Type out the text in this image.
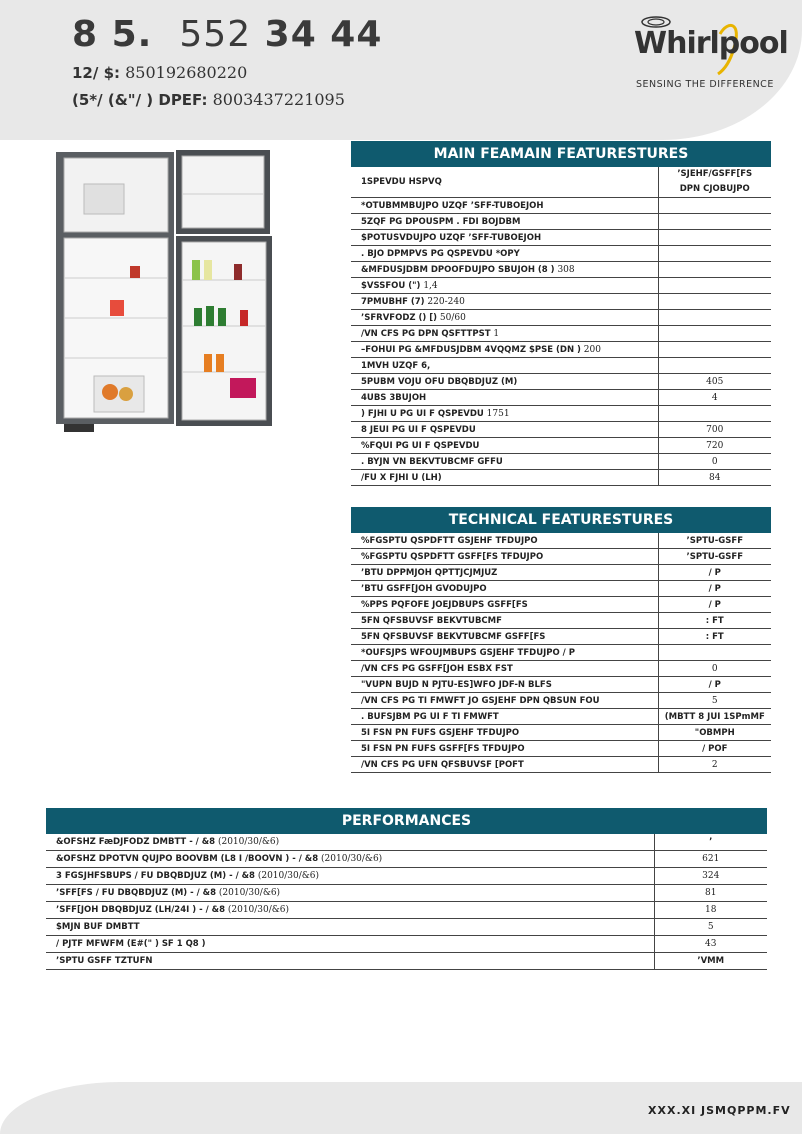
8 5. 552 34 44
12/ $: 850192680220
(5*/ (&"/ ) DPEF: 8003437221095
Whirlpool
SENSING THE DIFFERENCE
MAIN FEAMAIN FEATURESTURES
1SPEVDU HSPVQ	’SJEHF/GSFF[FS
DPN CJOBUJPO

*OTUBMMBUJPO UZQF ’SFF-TUBOEJOH	
5ZQF PG DPOUSPM . FDI BOJDBM	
$POTUSVDUJPO UZQF ’SFF-TUBOEJOH	
. BJO DPMPVS PG QSPEVDU *OPY	
&MFDUSJDBM DPOOFDUJPO SBUJOH (8 ) 308	
$VSSFOU (") 1,4	
7PMUBHF (7) 220-240	
’SFRVFODZ () [) 50/60	
/VN CFS PG DPN QSFTTPST 1	
–FOHUI PG &MFDUSJDBM 4VQQMZ $PSE (DN ) 200	
1MVH UZQF 6,	
5PUBM VOJU OFU DBQBDJUZ (M)	405
4UBS 3BUJOH	4
) FJHI U PG UI F QSPEVDU 1751	
8 JEUI PG UI F QSPEVDU	700
%FQUI PG UI F QSPEVDU	720
. BYJN VN BEKVTUBCMF GFFU	0
/FU X FJHI U (LH)	84
TECHNICAL FEATURESTURES
%FGSPTU QSPDFTT GSJEHF TFDUJPO	’SPTU-GSFF
%FGSPTU QSPDFTT GSFF[FS TFDUJPO	’SPTU-GSFF
’BTU DPPMJOH QPTTJCJMJUZ	/ P
’BTU GSFF[JOH GVODUJPO	/ P
%PPS PQFOFE JOEJDBUPS GSFF[FS	/ P
5FN QFSBUVSF BEKVTUBCMF	: FT
5FN QFSBUVSF BEKVTUBCMF GSFF[FS	: FT
*OUFSJPS WFOUJMBUPS GSJEHF TFDUJPO / P	
/VN CFS PG GSFF[JOH ESBX FST	0
"VUPN BUJD N PJTU-ES]WFO JDF-N BLFS	/ P
/VN CFS PG TI FMWFT JO GSJEHF DPN QBSUN FOU	5
. BUFSJBM PG UI F TI FMWFT	(MBTT 8 JUI 1SPmMF
5I FSN PN FUFS GSJEHF TFDUJPO	"OBMPH
5I FSN PN FUFS GSFF[FS TFDUJPO	/ POF
/VN CFS PG UFN QFSBUVSF [POFT	2
PERFORMANCES
&OFSHZ FæDJFODZ DMBTT - / &8 (2010/30/&6)	’
&OFSHZ DPOTVN QUJPO BOOVBM (L8 I /BOOVN ) - / &8 (2010/30/&6)	621
3 FGSJHFSBUPS / FU DBQBDJUZ (M) - / &8 (2010/30/&6)	324
’SFF[FS / FU DBQBDJUZ (M) - / &8 (2010/30/&6)	81
’SFF[JOH DBQBDJUZ (LH/24I ) - / &8 (2010/30/&6)	18
$MJN BUF DMBTT	5
/ PJTF MFWFM (E#(" ) SF 1 Q8 )	43
’SPTU GSFF TZTUFN	’VMM
XXX.XI JSMQPPM.FV
